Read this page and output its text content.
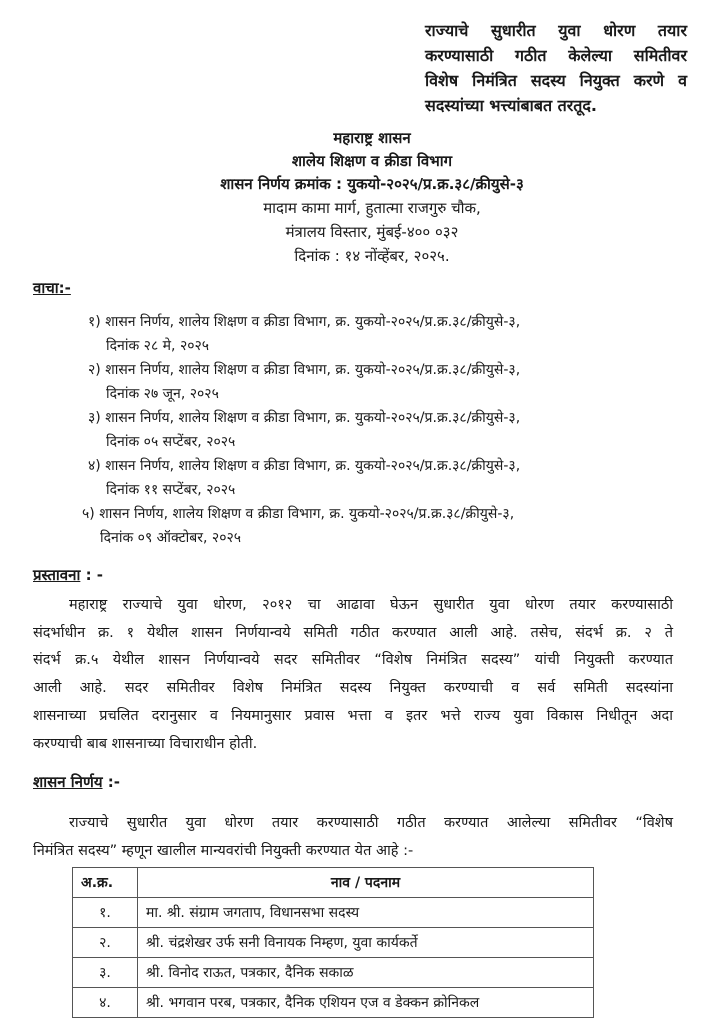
राज्याचे सुधारीत युवा धोरण तयार
करण्यासाठी गठीत केलेल्या समितीवर
विशेष निमंत्रित सदस्य नियुक्त करणे व
सदस्यांच्या भत्त्यांबाबत तरतूद.
महाराष्ट्र शासन
शालेय शिक्षण व क्रीडा विभाग
शासन निर्णय क्रमांक : युकयो-२०२५/प्र.क्र.३८/क्रीयुसे-३
मादाम कामा मार्ग, हुतात्मा राजगुरु चौक,
मंत्रालय विस्तार, मुंबई-४०० ०३२
दिनांक : १४ नोंव्हेंबर, २०२५.
वाचा:-
१) शासन निर्णय, शालेय शिक्षण व क्रीडा विभाग, क्र. युकयो-२०२५/प्र.क्र.३८/क्रीयुसे-३,
दिनांक २८ मे, २०२५
२) शासन निर्णय, शालेय शिक्षण व क्रीडा विभाग, क्र. युकयो-२०२५/प्र.क्र.३८/क्रीयुसे-३,
दिनांक २७ जून, २०२५
३) शासन निर्णय, शालेय शिक्षण व क्रीडा विभाग, क्र. युकयो-२०२५/प्र.क्र.३८/क्रीयुसे-३,
दिनांक ०५ सप्टेंबर, २०२५
४) शासन निर्णय, शालेय शिक्षण व क्रीडा विभाग, क्र. युकयो-२०२५/प्र.क्र.३८/क्रीयुसे-३,
दिनांक ११ सप्टेंबर, २०२५
५) शासन निर्णय, शालेय शिक्षण व क्रीडा विभाग, क्र. युकयो-२०२५/प्र.क्र.३८/क्रीयुसे-३,
दिनांक ०९ ऑक्टोबर, २०२५
प्रस्तावना : -
महाराष्ट्र राज्याचे युवा धोरण, २०१२ चा आढावा घेऊन सुधारीत युवा धोरण तयार करण्यासाठी
संदर्भाधीन क्र. १ येथील शासन निर्णयान्वये समिती गठीत करण्यात आली आहे. तसेच, संदर्भ क्र. २ ते
संदर्भ क्र.५ येथील शासन निर्णयान्वये सदर समितीवर “विशेष निमंत्रित सदस्य” यांची नियुक्ती करण्यात
आली आहे. सदर समितीवर विशेष निमंत्रित सदस्य नियुक्त करण्याची व सर्व समिती सदस्यांना
शासनाच्या प्रचलित दरानुसार व नियमानुसार प्रवास भत्ता व इतर भत्ते राज्य युवा विकास निधीतून अदा
करण्याची बाब शासनाच्या विचाराधीन होती.
शासन निर्णय :-
राज्याचे सुधारीत युवा धोरण तयार करण्यासाठी गठीत करण्यात आलेल्या समितीवर “विशेष
निमंत्रित सदस्य” म्हणून खालील मान्यवरांची नियुक्ती करण्यात येत आहे :-
अ.क्र.	नाव / पदनाम
१.	मा. श्री. संग्राम जगताप, विधानसभा सदस्य
२.	श्री. चंद्रशेखर उर्फ सनी विनायक निम्हण, युवा कार्यकर्ते
३.	श्री. विनोद राऊत, पत्रकार, दैनिक सकाळ
४.	श्री. भगवान परब, पत्रकार, दैनिक एशियन एज व डेक्कन क्रोनिकल
